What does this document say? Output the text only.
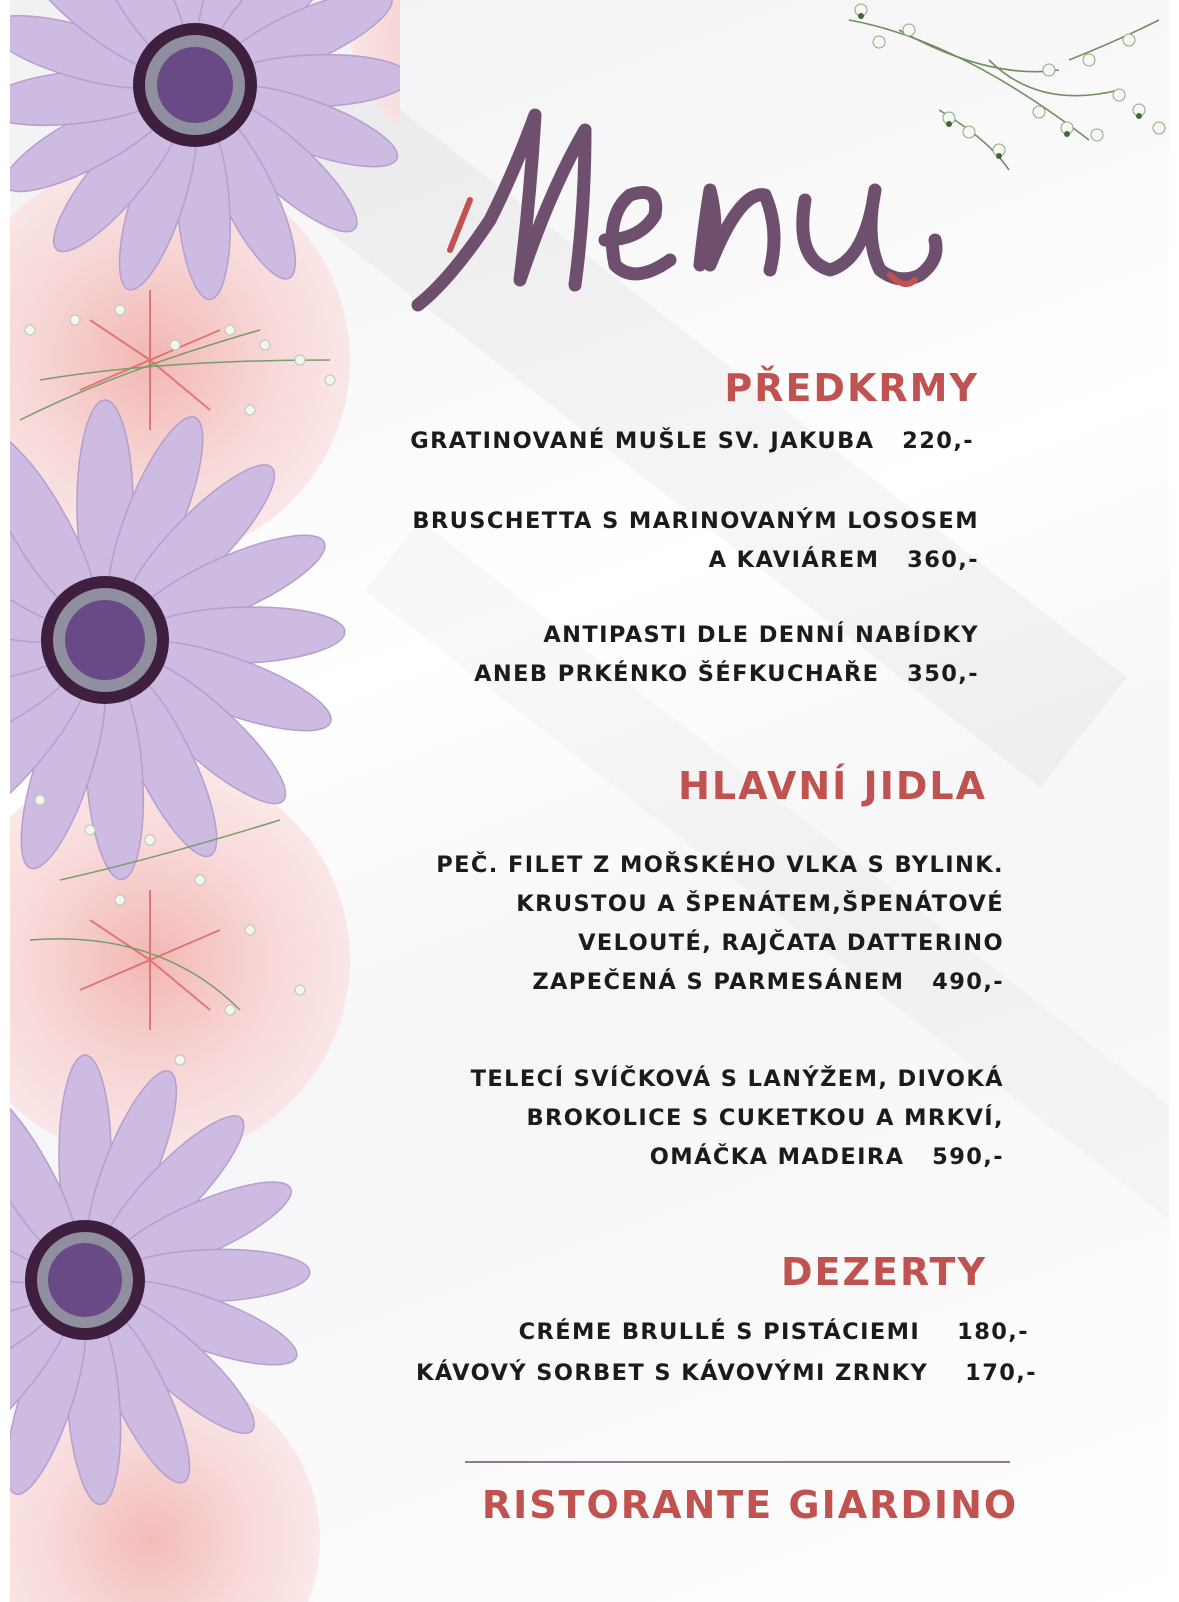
PŘEDKRMY
GRATINOVANÉ MUŠLE SV. JAKUBA   220,-
BRUSCHETTA S MARINOVANÝM LOSOSEM
A KAVIÁREM   360,-
ANTIPASTI DLE DENNÍ NABÍDKY
ANEB PRKÉNKO ŠÉFKUCHAŘE   350,-
HLAVNÍ JIDLA
PEČ. FILET Z MOŘSKÉHO VLKA S BYLINK.
KRUSTOU A ŠPENÁTEM,ŠPENÁTOVÉ
VELOUTÉ, RAJČATA DATTERINO
ZAPEČENÁ S PARMESÁNEM   490,-
TELECÍ SVÍČKOVÁ S LANÝŽEM, DIVOKÁ
BROKOLICE S CUKETKOU A MRKVÍ,
OMÁČKA MADEIRA   590,-
DEZERTY
CRÉME BRULLÉ S PISTÁCIEMI    180,-
KÁVOVÝ SORBET S KÁVOVÝMI ZRNKY    170,-
RISTORANTE GIARDINO
